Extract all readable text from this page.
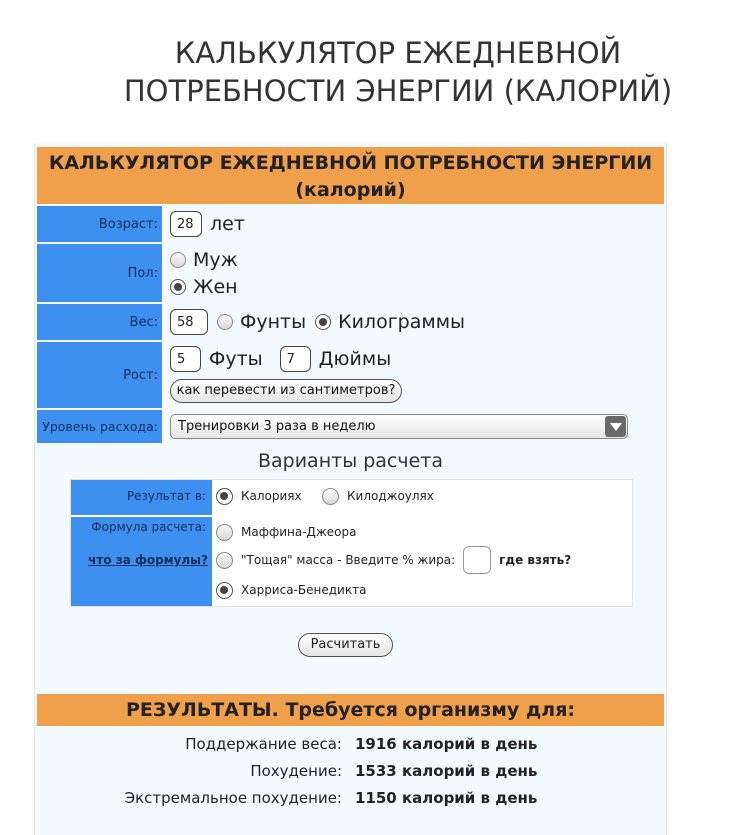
КАЛЬКУЛЯТОР ЕЖЕДНЕВНОЙ
ПОТРЕБНОСТИ ЭНЕРГИИ (КАЛОРИЙ)
КАЛЬКУЛЯТОР ЕЖЕДНЕВНОЙ ПОТРЕБНОСТИ ЭНЕРГИИ
(калорий)
Возраст:	28 лет
Пол:
Муж
Жен
Вес:	58	Фунты Килограммы
Рост:
5	Футы	7	Дюймы
как перевести из сантиметров?
Уровень расхода:	Тренировки 3 раза в неделю
Варианты расчета
Результат в:	Калориях	Килоджоулях
Формула расчета:
что за формулы?
Маффина-Джеора
"Тощая" масса - Введите % жира:	где взять?
Харриса-Бенедикта
Расчитать
РЕЗУЛЬТАТЫ. Требуется организму для:
Поддержание веса: 1916 калорий в день
Похудение: 1533 калорий в день
Экстремальное похудение: 1150 калорий в день
